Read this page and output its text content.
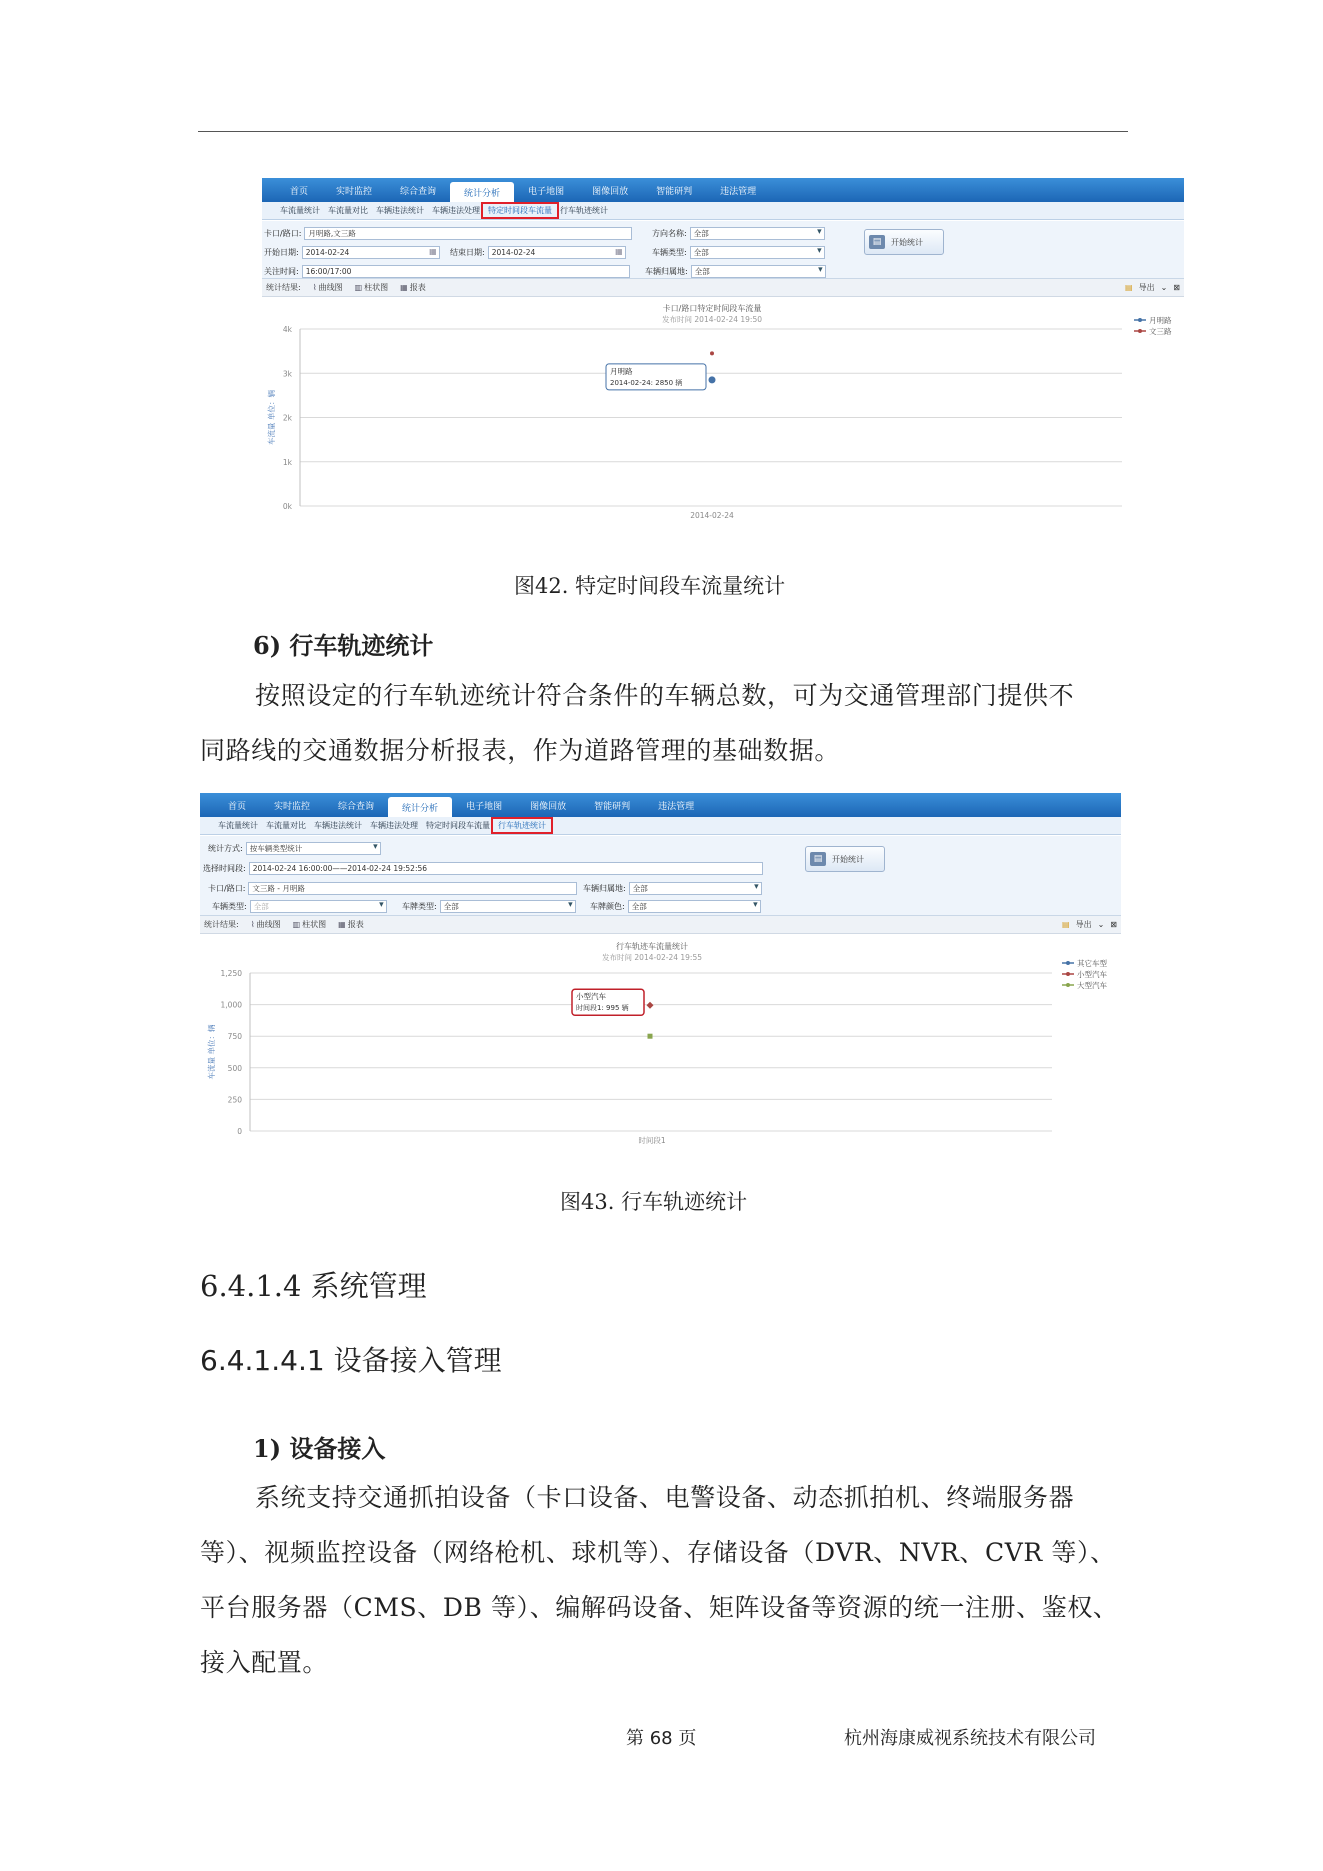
首页	实时监控	综合查询	统计分析	电子地图	图像回放	智能研判	违法管理
车流量统计	车流量对比	车辆违法统计	车辆违法处理	特定时间段车流量	行车轨迹统计
卡口/路口: 月明路,文三路	方向名称: 全部 ▾
开始日期: 2014-02-24 ▦	结束日期: 2014-02-24 ▦	车辆类型: 全部 ▾
关注时间: 16:00/17:00	车辆归属地: 全部 ▾
▤	开始统计
统计结果: ⌇ 曲线图 ▥ 柱状图 ▦ 报表	▤ 导出 ⌄ ⊠
卡口/路口特定时间段车流量
发布时间 2014-02-24 19:50
0k
1k
2k
3k
4k
车流量 单位：辆
2014-02-24
月明路
文三路
月明路
2014-02-24: 2850 辆
图42. 特定时间段车流量统计
6) 行车轨迹统计
按照设定的行车轨迹统计符合条件的车辆总数，可为交通管理部门提供不
同路线的交通数据分析报表，作为道路管理的基础数据。
首页	实时监控	综合查询	统计分析	电子地图	图像回放	智能研判	违法管理
车流量统计	车流量对比	车辆违法统计	车辆违法处理	特定时间段车流量	行车轨迹统计
统计方式: 按车辆类型统计 ▾
选择时间段: 2014-02-24 16:00:00——2014-02-24 19:52:56
卡口/路口: 文三路 - 月明路	车辆归属地: 全部 ▾
车辆类型: 全部 ▾	车牌类型: 全部 ▾	车牌颜色: 全部 ▾
▤	开始统计
统计结果: ⌇ 曲线图 ▥ 柱状图 ▦ 报表	▤ 导出 ⌄ ⊠
行车轨迹车流量统计
发布时间 2014-02-24 19:55
0
250
500
750
1,000
1,250
车流量 单位：辆
时间段1
其它车型
小型汽车
大型汽车
小型汽车
时间段1: 995 辆
图43. 行车轨迹统计
6.4.1.4 系统管理
6.4.1.4.1 设备接入管理
1) 设备接入
系统支持交通抓拍设备（卡口设备、电警设备、动态抓拍机、终端服务器
等）、视频监控设备（网络枪机、球机等）、存储设备（DVR、NVR、CVR 等）、
平台服务器（CMS、DB 等）、编解码设备、矩阵设备等资源的统一注册、鉴权、
接入配置。
第 68 页	杭州海康威视系统技术有限公司
